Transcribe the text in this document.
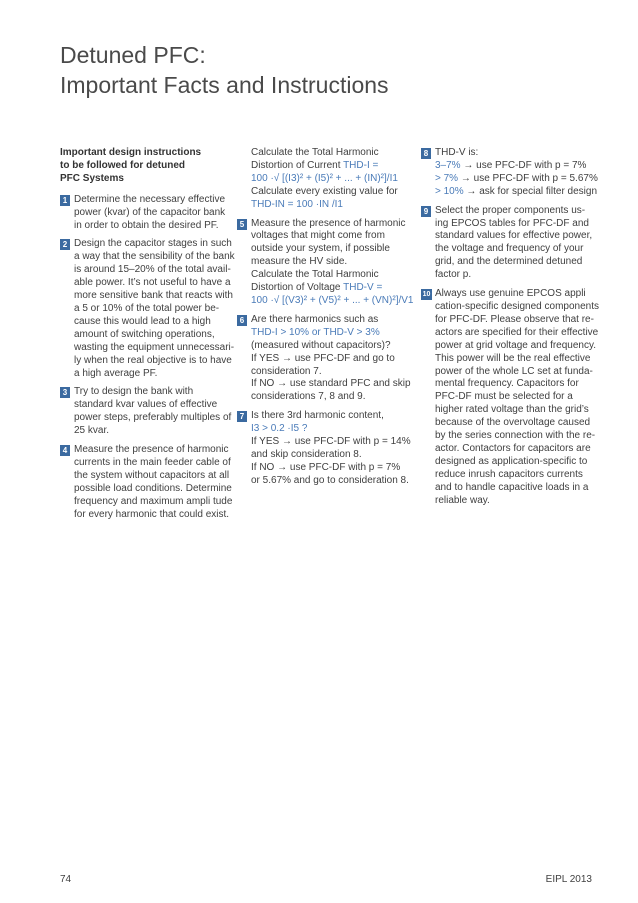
Detuned PFC:
Important Facts and Instructions
Important design instructions
to be followed for detuned
PFC Systems
1 Determine the necessary effective
power (kvar) of the capacitor bank
in order to obtain the desired PF.
2 Design the capacitor stages in such
a way that the sensibility of the bank
is around 15–20% of the total avail-
able power. It’s not useful to have a
more sensitive bank that reacts with
a 5 or 10% of the total power be-
cause this would lead to a high
amount of switching operations,
wasting the equipment unnecessari-
ly when the real objective is to have
a high average PF.
3 Try to design the bank with
standard kvar values of effective
power steps, preferably multiples of
25 kvar.
4 Measure the presence of harmonic
currents in the main feeder cable of
the system without capacitors at all
possible load conditions. Determine
frequency and maximum ampli tude
for every harmonic that could exist.
Calculate the Total Harmonic
Distortion of Current THD-I =
100 ·√ [(I3)² + (I5)² + ... + (IN)²]/I1
Calculate every existing value for
THD-IN = 100 ·IN /I1
5 Measure the presence of harmonic
voltages that might come from
outside your system, if possible
measure the HV side.
Calculate the Total Harmonic
Distortion of Voltage THD-V =
100 ·√ [(V3)² + (V5)² + ... + (VN)²]/V1
6 Are there harmonics such as
THD-I > 10% or THD-V > 3%
(measured without capacitors)?
If YES → use PFC-DF and go to
consideration 7.
If NO → use standard PFC and skip
considerations 7, 8 and 9.
7 Is there 3rd harmonic content,
I3 > 0.2 ·I5 ?
If YES → use PFC-DF with p = 14%
and skip consideration 8.
If NO → use PFC-DF with p = 7%
or 5.67% and go to consideration 8.
8 THD-V is:
3–7% → use PFC-DF with p = 7%
> 7% → use PFC-DF with p = 5.67%
> 10% → ask for special filter design
9 Select the proper components us-
ing EPCOS tables for PFC-DF and
standard values for effective power,
the voltage and frequency of your
grid, and the determined detuned
factor p.
10 Always use genuine EPCOS appli
cation-specific designed components
for PFC-DF. Please observe that re-
actors are specified for their effective
power at grid voltage and frequency.
This power will be the real effective
power of the whole LC set at funda-
mental frequency. Capacitors for
PFC-DF must be selected for a
higher rated voltage than the grid’s
because of the overvoltage caused
by the series connection with the re-
actor. Contactors for capacitors are
designed as application-specific to
reduce inrush capacitors currents
and to handle capacitive loads in a
reliable way.
74	EIPL 2013
